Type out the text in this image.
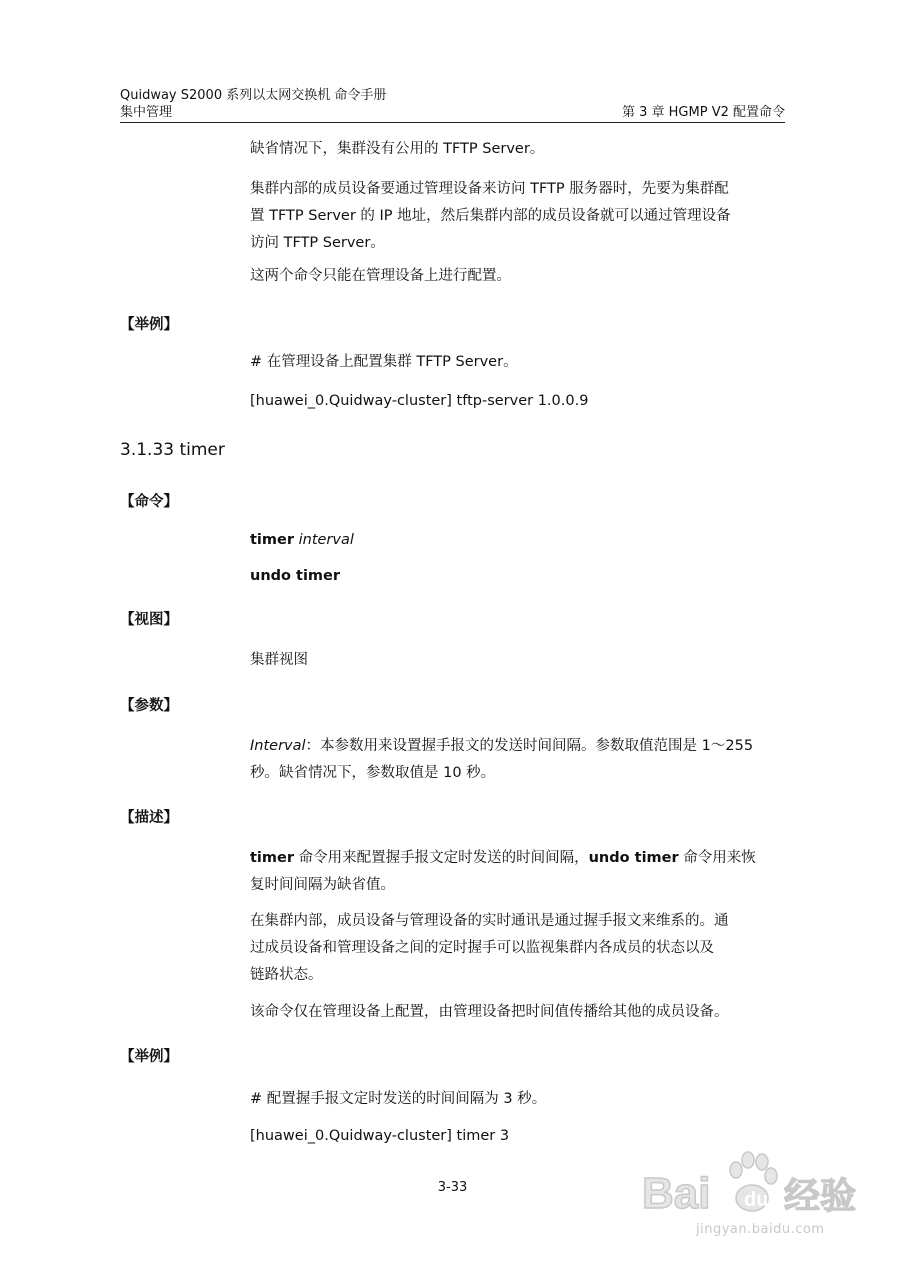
Quidway S2000 系列以太网交换机 命令手册
集中管理	第 3 章 HGMP V2 配置命令
缺省情况下，集群没有公用的 TFTP Server。
集群内部的成员设备要通过管理设备来访问 TFTP 服务器时，先要为集群配
置 TFTP Server 的 IP 地址，然后集群内部的成员设备就可以通过管理设备
访问 TFTP Server。
这两个命令只能在管理设备上进行配置。
【举例】
# 在管理设备上配置集群 TFTP Server。
[huawei_0.Quidway-cluster] tftp-server 1.0.0.9
3.1.33 timer
【命令】
timer interval
undo timer
【视图】
集群视图
【参数】
Interval：本参数用来设置握手报文的发送时间间隔。参数取值范围是 1～255
秒。缺省情况下，参数取值是 10 秒。
【描述】
timer 命令用来配置握手报文定时发送的时间间隔，undo timer 命令用来恢
复时间间隔为缺省值。
在集群内部，成员设备与管理设备的实时通讯是通过握手报文来维系的。通
过成员设备和管理设备之间的定时握手可以监视集群内各成员的状态以及
链路状态。
该命令仅在管理设备上配置，由管理设备把时间值传播给其他的成员设备。
【举例】
# 配置握手报文定时发送的时间间隔为 3 秒。
[huawei_0.Quidway-cluster] timer 3
3-33	Bai du 经验
jingyan.baidu.com
